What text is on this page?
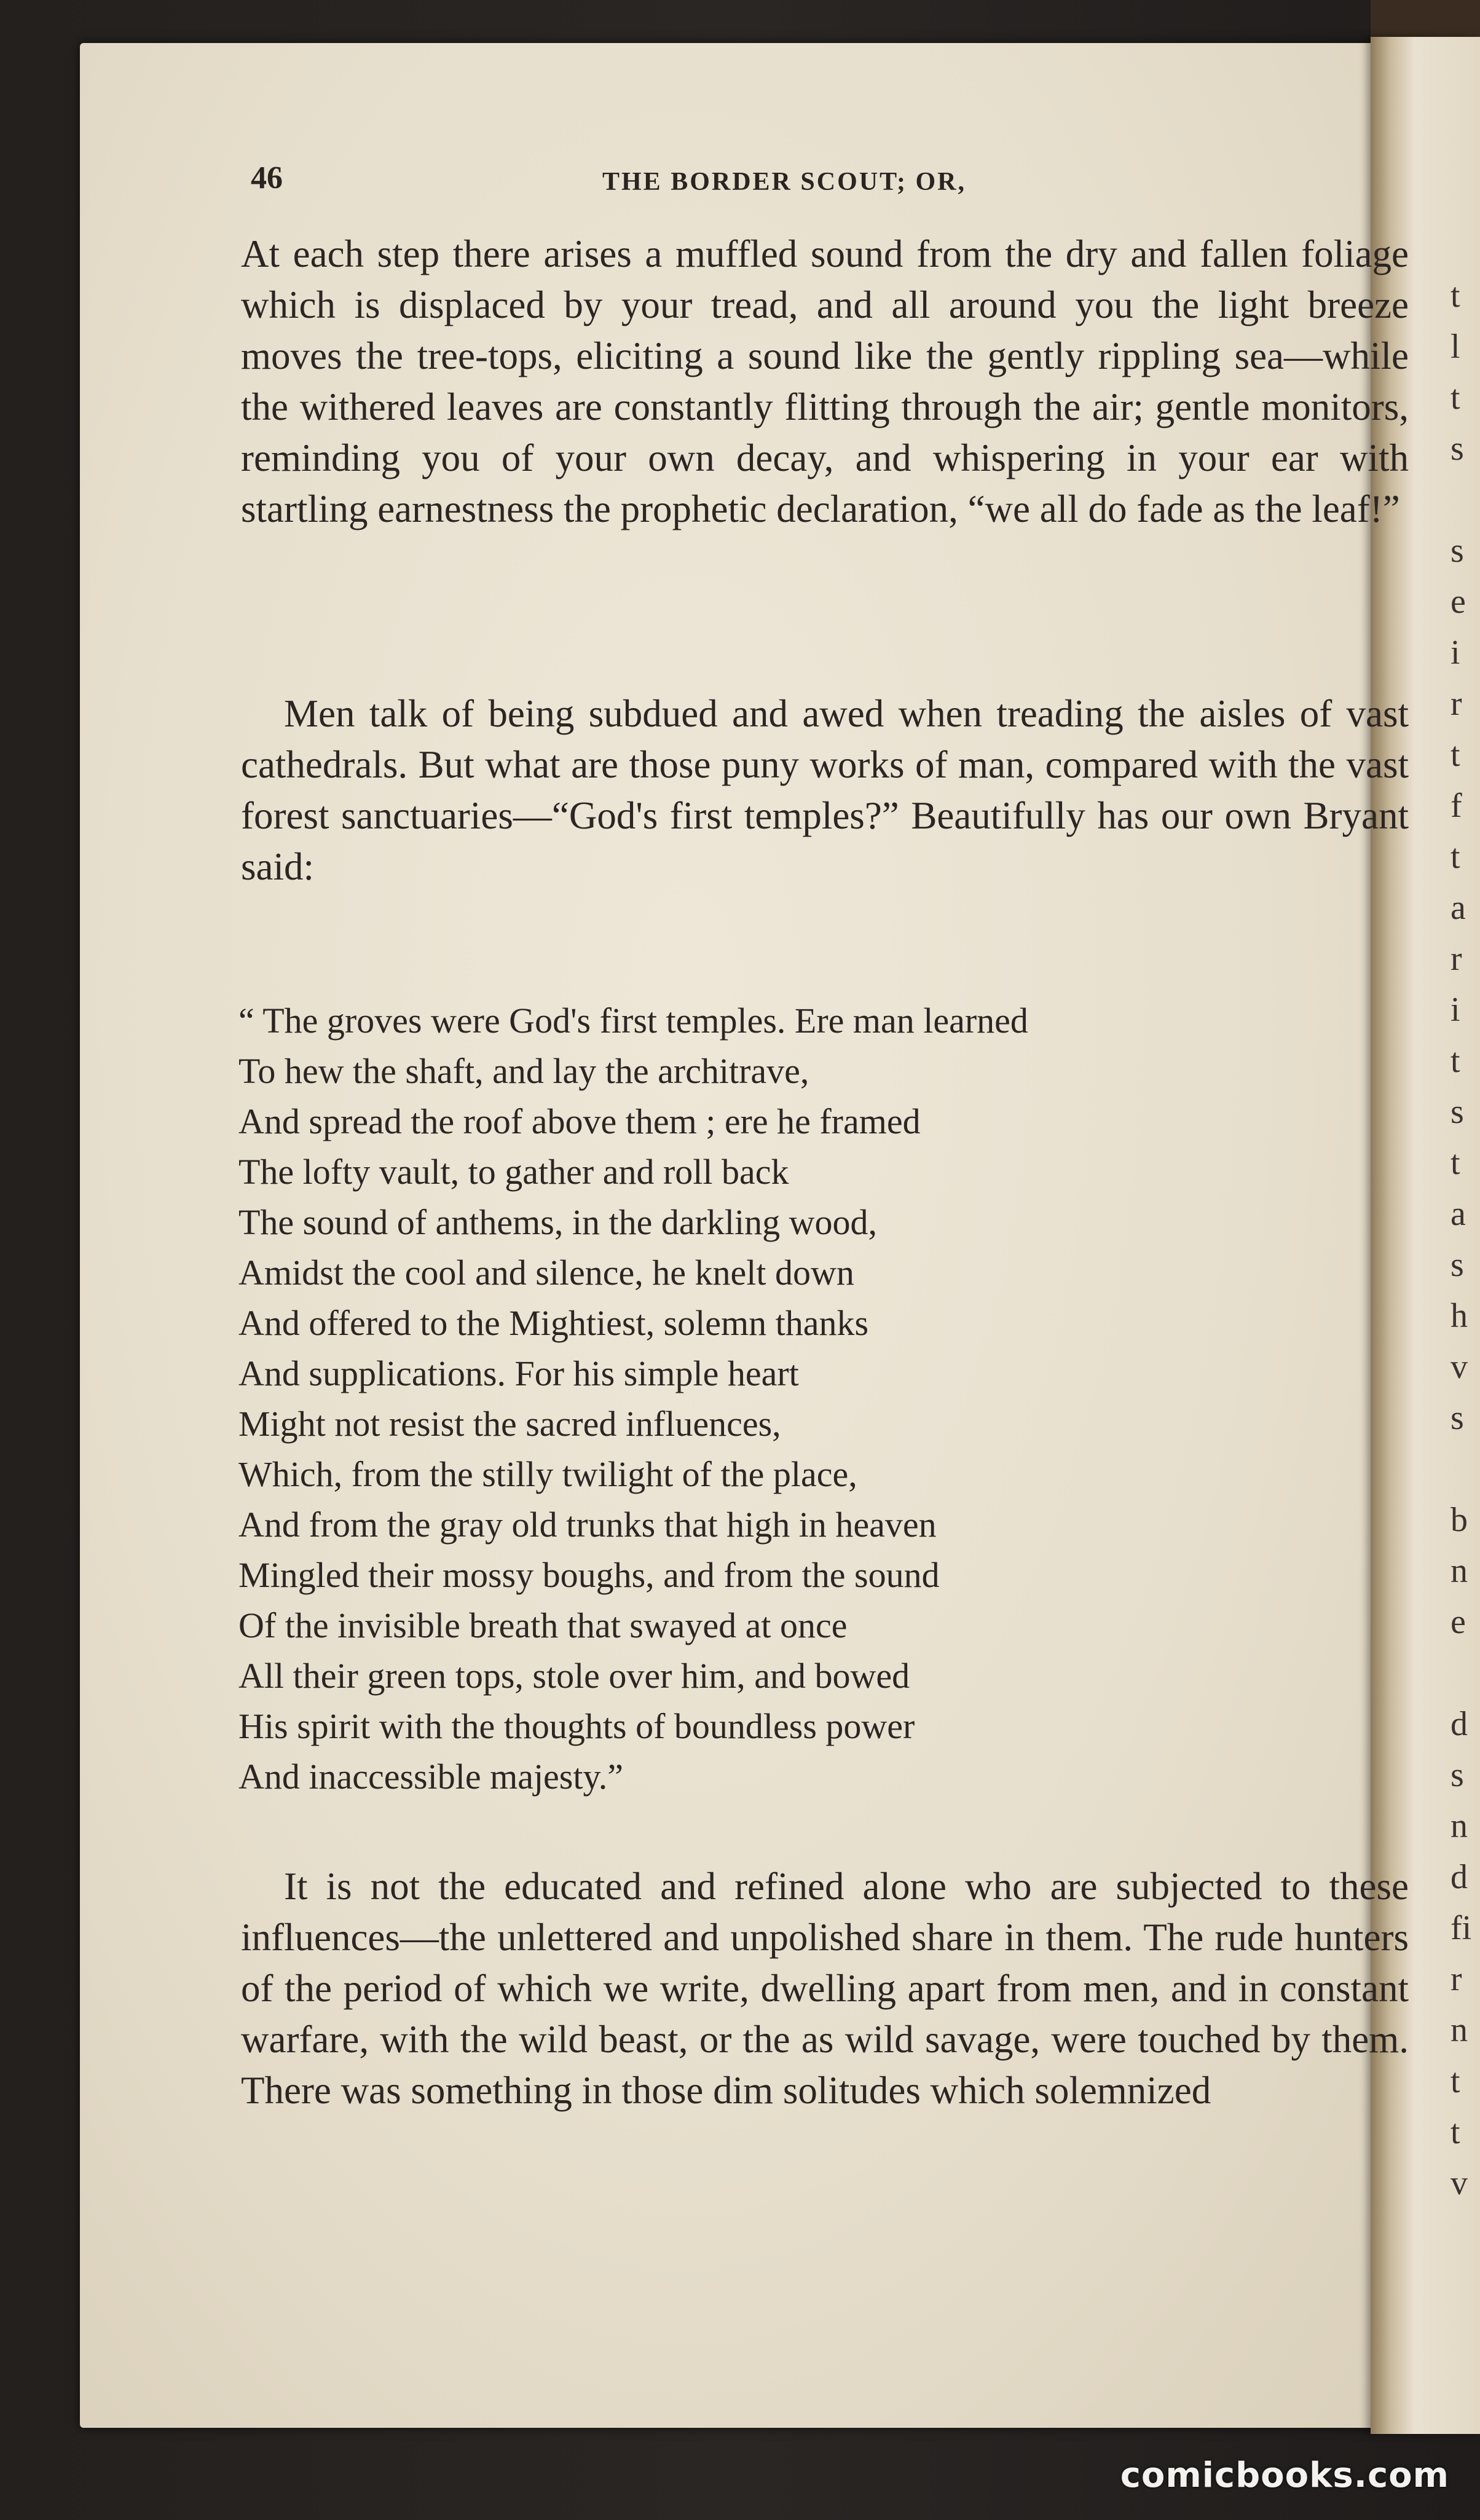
46	THE BORDER SCOUT; OR,

At each step there arises a muffled sound from the dry and fallen foliage which is displaced by your tread, and all around you the light breeze moves the tree-tops, eliciting a sound like the gently rippling sea—while the withered leaves are constantly flitting through the air; gentle monitors, reminding you of your own decay, and whispering in your ear with startling earnestness the prophetic declaration, “we all do fade as the leaf!”

Men talk of being subdued and awed when treading the aisles of vast cathedrals. But what are those puny works of man, compared with the vast forest sanctuaries—“God's first temples?” Beautifully has our own Bryant said:

“ The groves were God's first temples. Ere man learned
To hew the shaft, and lay the architrave,
And spread the roof above them ; ere he framed
The lofty vault, to gather and roll back
The sound of anthems, in the darkling wood,
Amidst the cool and silence, he knelt down
And offered to the Mightiest, solemn thanks
And supplications. For his simple heart
Might not resist the sacred influences,
Which, from the stilly twilight of the place,
And from the gray old trunks that high in heaven
Mingled their mossy boughs, and from the sound
Of the invisible breath that swayed at once
All their green tops, stole over him, and bowed
His spirit with the thoughts of boundless power
And inaccessible majesty.”

It is not the educated and refined alone who are subjected to these influences—the unlettered and unpolished share in them. The rude hunters of the period of which we write, dwelling apart from men, and in constant warfare, with the wild beast, or the as wild savage, were touched by them. There was something in those dim solitudes which solemnized

t
l
t
s
s
e
i
r
t
f
t
a
r
i
t
s
t
a
s
h
v
s
b
n
e
d
s
n
d
fi
r
n
t
t
v
comicbooks.com
